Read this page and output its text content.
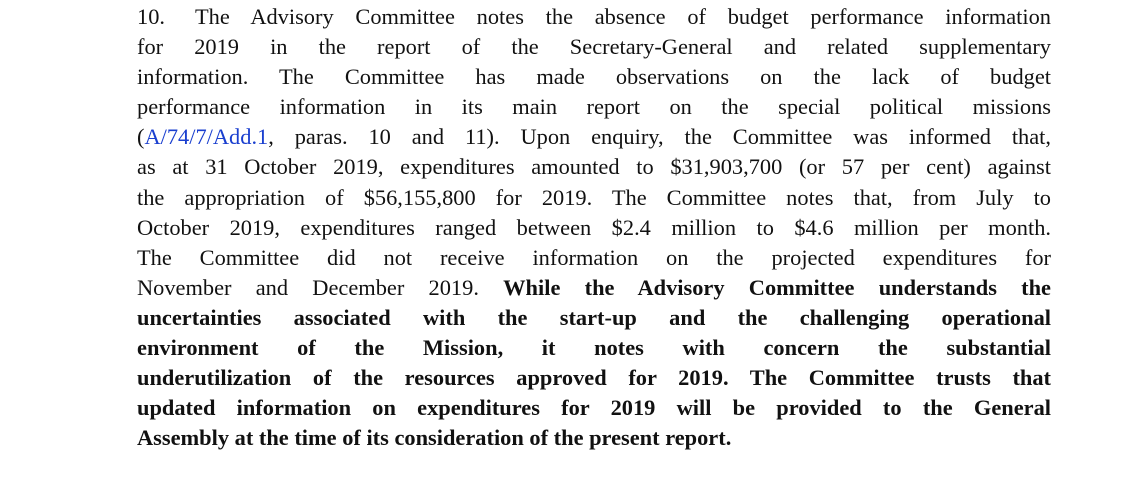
10. The Advisory Committee notes the absence of budget performance information
for 2019 in the report of the Secretary-General and related supplementary
information. The Committee has made observations on the lack of budget
performance information in its main report on the special political missions
(A/74/7/Add.1, paras. 10 and 11). Upon enquiry, the Committee was informed that,
as at 31 October 2019, expenditures amounted to $31,903,700 (or 57 per cent) against
the appropriation of $56,155,800 for 2019. The Committee notes that, from July to
October 2019, expenditures ranged between $2.4 million to $4.6 million per month.
The Committee did not receive information on the projected expenditures for
November and December 2019. While the Advisory Committee understands the
uncertainties associated with the start-up and the challenging operational
environment of the Mission, it notes with concern the substantial
underutilization of the resources approved for 2019. The Committee trusts that
updated information on expenditures for 2019 will be provided to the General
Assembly at the time of its consideration of the present report.
